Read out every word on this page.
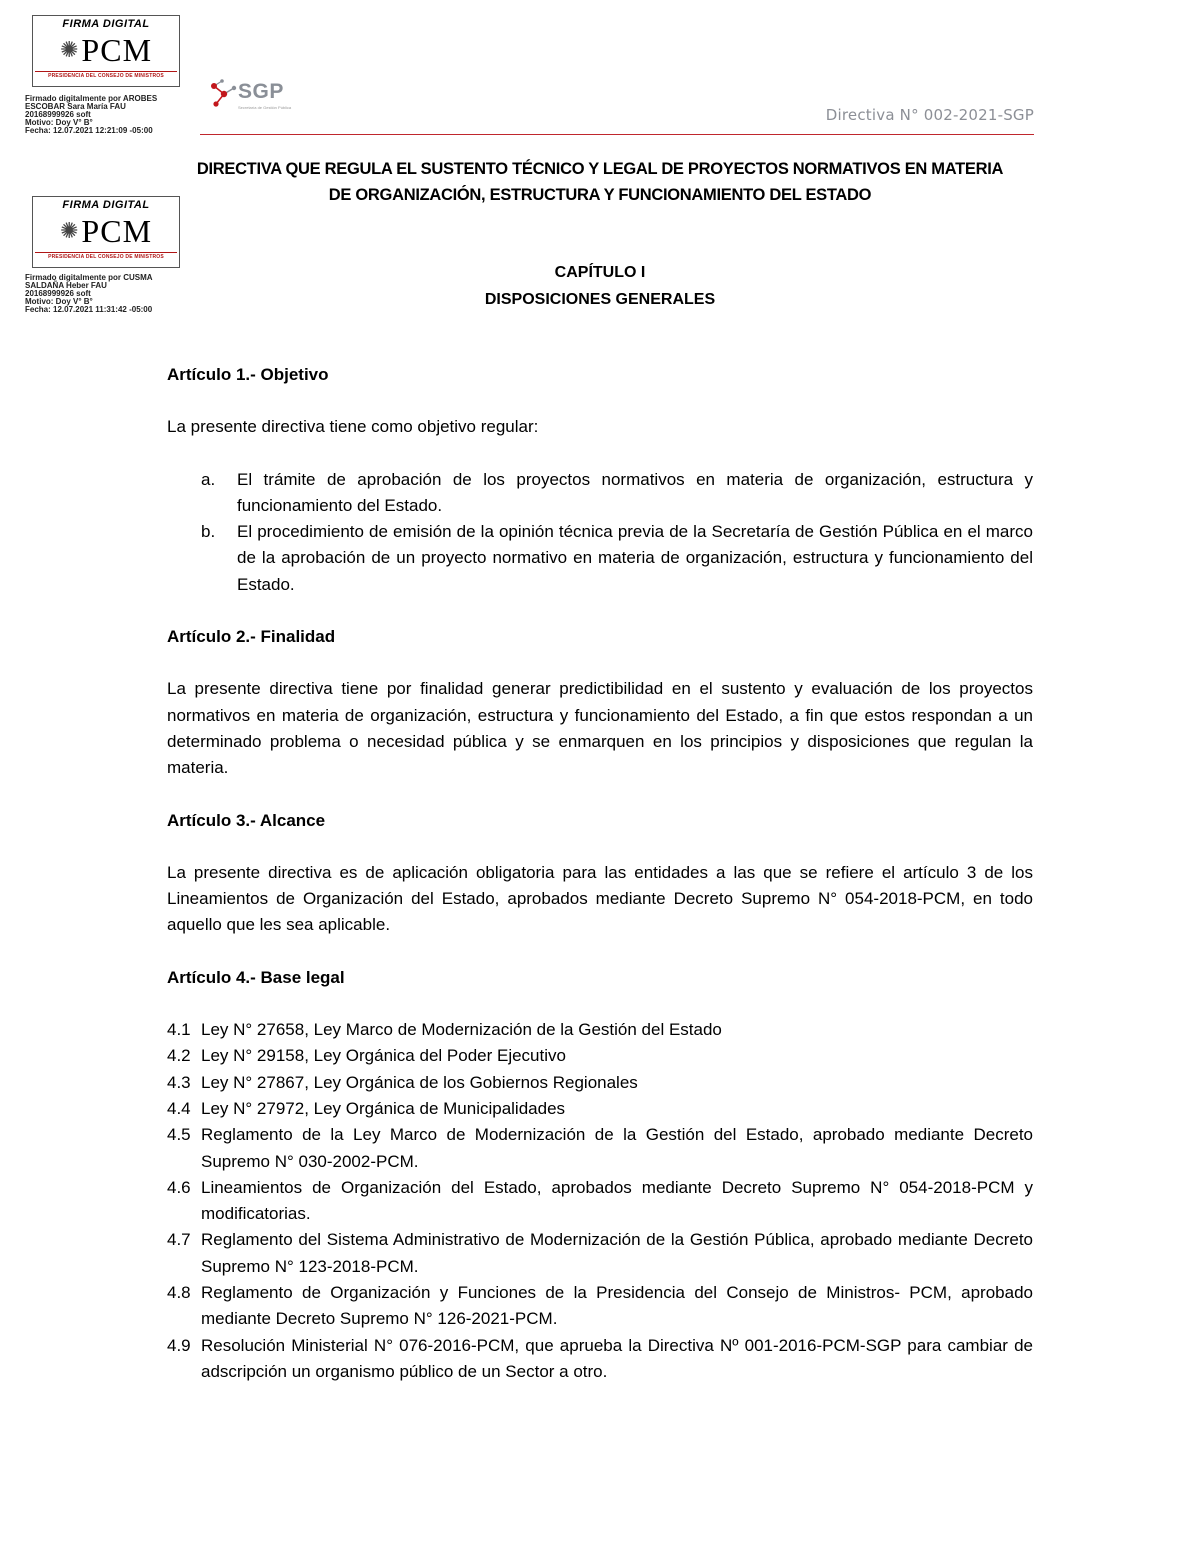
FIRMA DIGITAL
✺PCM
PRESIDENCIA DEL CONSEJO DE MINISTROS
Firmado digitalmente por AROBES
ESCOBAR Sara María FAU
20168999926 soft
Motivo: Doy V° B°
Fecha: 12.07.2021 12:21:09 -05:00
FIRMA DIGITAL
✺PCM
PRESIDENCIA DEL CONSEJO DE MINISTROS
Firmado digitalmente por CUSMA
SALDAÑA Heber FAU
20168999926 soft
Motivo: Doy V° B°
Fecha: 12.07.2021 11:31:42 -05:00
SGP
Secretaría de Gestión Pública	Directiva N° 002-2021-SGP
DIRECTIVA QUE REGULA EL SUSTENTO TÉCNICO Y LEGAL DE PROYECTOS NORMATIVOS EN MATERIA
DE ORGANIZACIÓN, ESTRUCTURA Y FUNCIONAMIENTO DEL ESTADO
CAPÍTULO I
DISPOSICIONES GENERALES

Artículo 1.- Objetivo

La presente directiva tiene como objetivo regular:

a. El trámite de aprobación de los proyectos normativos en materia de organización, estructura y funcionamiento del Estado.
b. El procedimiento de emisión de la opinión técnica previa de la Secretaría de Gestión Pública en el marco de la aprobación de un proyecto normativo en materia de organización, estructura y funcionamiento del Estado.

Artículo 2.- Finalidad

La presente directiva tiene por finalidad generar predictibilidad en el sustento y evaluación de los proyectos normativos en materia de organización, estructura y funcionamiento del Estado, a fin que estos respondan a un determinado problema o necesidad pública y se enmarquen en los principios y disposiciones que regulan la materia.

Artículo 3.- Alcance

La presente directiva es de aplicación obligatoria para las entidades a las que se refiere el artículo 3 de los Lineamientos de Organización del Estado, aprobados mediante Decreto Supremo N° 054-2018-PCM, en todo aquello que les sea aplicable.

Artículo 4.- Base legal

4.1 Ley N° 27658, Ley Marco de Modernización de la Gestión del Estado
4.2 Ley N° 29158, Ley Orgánica del Poder Ejecutivo
4.3 Ley N° 27867, Ley Orgánica de los Gobiernos Regionales
4.4 Ley N° 27972, Ley Orgánica de Municipalidades
4.5 Reglamento de la Ley Marco de Modernización de la Gestión del Estado, aprobado mediante Decreto Supremo N° 030-2002-PCM.
4.6 Lineamientos de Organización del Estado, aprobados mediante Decreto Supremo N° 054-2018-PCM y modificatorias.
4.7 Reglamento del Sistema Administrativo de Modernización de la Gestión Pública, aprobado mediante Decreto Supremo N° 123-2018-PCM.
4.8 Reglamento de Organización y Funciones de la Presidencia del Consejo de Ministros- PCM, aprobado mediante Decreto Supremo N° 126-2021-PCM.
4.9 Resolución Ministerial N° 076-2016-PCM, que aprueba la Directiva Nº 001-2016-PCM-SGP para cambiar de adscripción un organismo público de un Sector a otro.
